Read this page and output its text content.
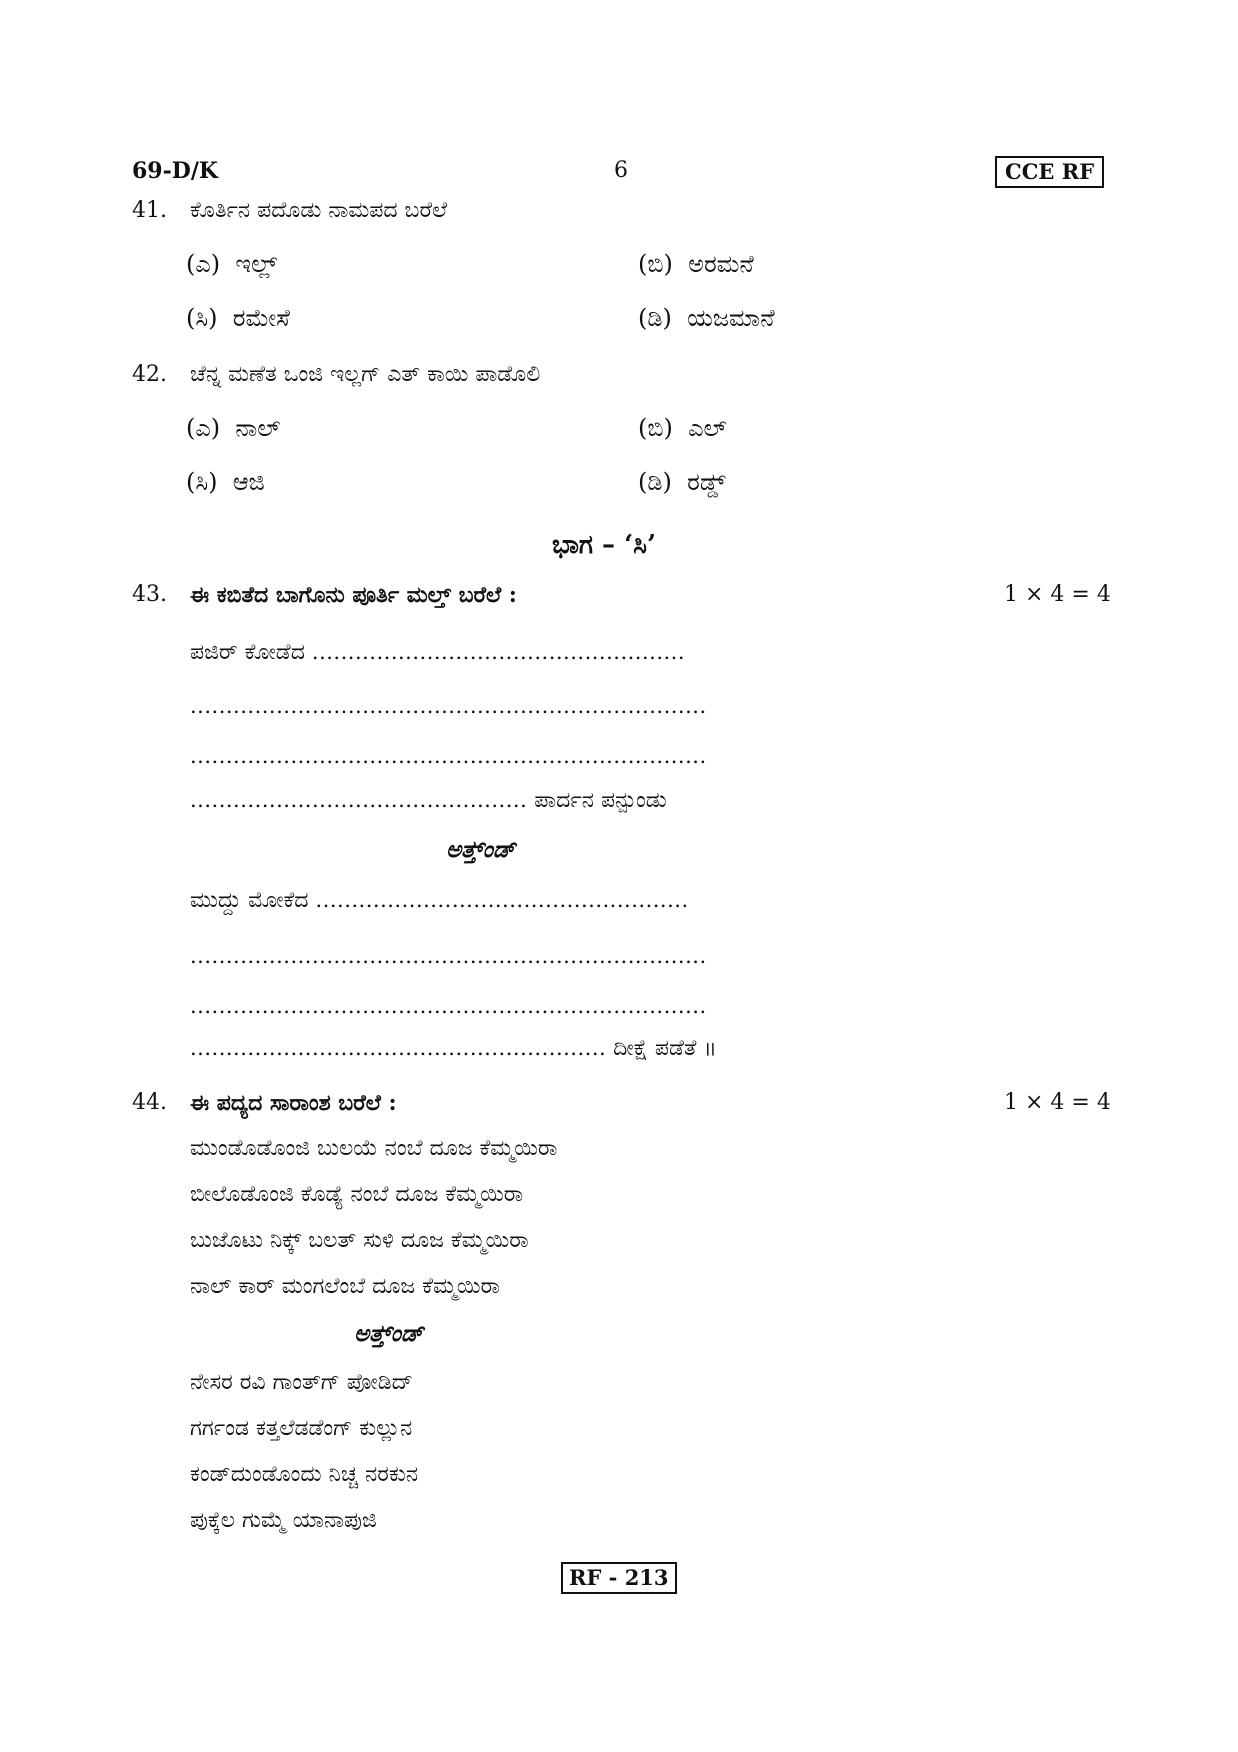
69-D/K	6	CCE RF
41. ಕೊರ್ತಿನ ಪದೊಡು ನಾಮಪದ ಬರೆಲೆ
(ಎ) ಇಲ್ಲ್	(ಬಿ) ಅರಮನೆ
(ಸಿ) ರಮೇಸೆ	(ಡಿ) ಯಜಮಾನೆ
42. ಚೆನ್ನ ಮಣೆತ ಒಂಜಿ ಇಲ್ಲಗ್ ಎತ್ ಕಾಯಿ ಪಾಡೊಲಿ
(ಎ) ನಾಲ್	(ಬಿ) ಎಲ್
(ಸಿ) ಆಜಿ	(ಡಿ) ರಡ್ಡ್
ಭಾಗ – ‘ಸಿ’
43. ಈ ಕಬಿತೆದ ಬಾಗೊನು ಪೂರ್ತಿ ಮಲ್ತ್ ಬರೆಲೆ :	1 × 4 = 4
ಪಜಿರ್ ಕೋಡೆದ ....................................................
........................................................................
........................................................................
............................................... ಪಾರ್ದನ ಪನ್ಪುಂಡು
ಅತ್ತ್‌ಂಡ್
ಮುದ್ದು ಮೋಕೆದ ....................................................
........................................................................
........................................................................
.......................................................... ದೀಕ್ಷೆ ಪಡೆತೆ ॥
44. ಈ ಪದ್ಯದ ಸಾರಾಂಶ ಬರೆಲೆ :	1 × 4 = 4
ಮುಂಡೊಡೊಂಜಿ ಬುಲಯೆ ನಂಬೆ ದೂಜ ಕೆಮ್ಮಯಿರಾ
ಬೀಲೊಡೊಂಜಿ ಕೊಡ್ಯೆ ನಂಬೆ ದೂಜ ಕೆಮ್ಮಯಿರಾ
ಬುಜೊಟು ನಿಕ್ಕ್ ಬಲತ್ ಸುಳಿ ದೂಜ ಕೆಮ್ಮಯಿರಾ
ನಾಲ್ ಕಾರ್ ಮಂಗಲೆಂಬೆ ದೂಜ ಕೆಮ್ಮಯಿರಾ
ಅತ್ತ್‌ಂಡ್
ನೇಸರ ರವಿ ಗಾಂತ್‌ಗ್ ಪೋಡಿದ್
ಗರ್ಗಂಡ ಕತ್ತಲೆಡಡೆಂಗ್ ಕುಲ್ಲುನ
ಕಂಡ್‌ದುಂಡೊಂದು ನಿಚ್ಚ ನರಕುನ
ಪುಕ್ಕೆಲ ಗುಮ್ಮೆ ಯಾನಾಪುಜಿ
RF - 213
